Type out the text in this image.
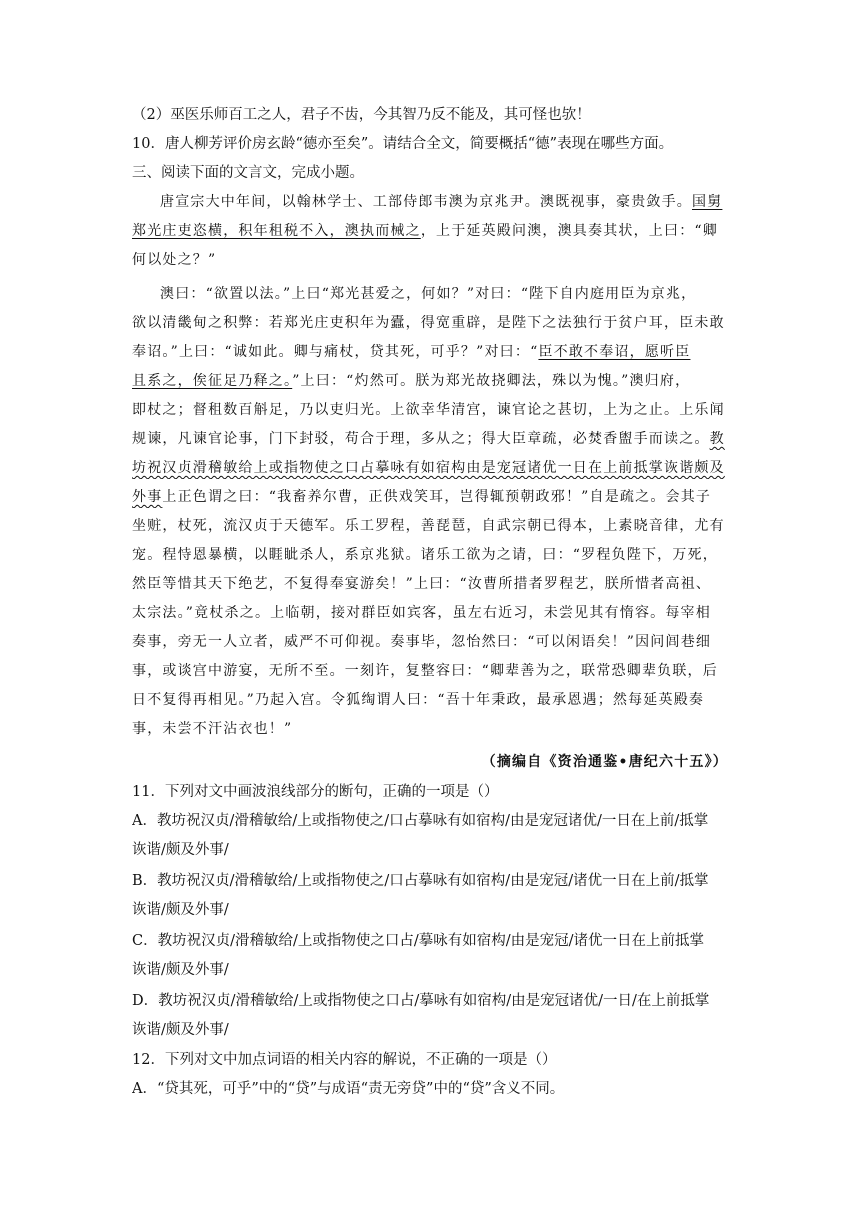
（2）巫医乐师百工之人，君子不齿，今其智乃反不能及，其可怪也欤！
10．唐人柳芳评价房玄龄“德亦至矣”。请结合全文，简要概括“德”表现在哪些方面。
三、阅读下面的文言文，完成小题。
唐宣宗大中年间，以翰林学士、工部侍郎韦澳为京兆尹。澳既视事，豪贵敛手。国舅
郑光庄吏恣横，积年租税不入，澳执而械之，上于延英殿问澳，澳具奏其状，上曰：“卿
何以处之？”
澳曰：“欲置以法。”上曰“郑光甚爱之，何如？”对曰：“陛下自内庭用臣为京兆，
欲以清畿甸之积弊：若郑光庄吏积年为蠹，得宽重辟，是陛下之法独行于贫户耳，臣未敢
奉诏。”上曰：“诚如此。卿与痛杖，贷其死，可乎？”对曰：“臣不敢不奉诏，愿听臣
且系之，俟征足乃释之。”上曰：“灼然可。朕为郑光故挠卿法，殊以为愧。”澳归府，
即杖之；督租数百斛足，乃以吏归光。上欲幸华清宫，谏官论之甚切，上为之止。上乐闻
规谏，凡谏官论事，门下封驳，苟合于理，多从之；得大臣章疏，必焚香盥手而读之。教
坊祝汉贞滑稽敏给上或指物使之口占摹咏有如宿构由是宠冠诸优一日在上前抵掌诙谐颇及
外事上正色谓之曰：“我畜养尔曹，正供戏笑耳，岂得辄预朝政邪！”自是疏之。会其子
坐赃，杖死，流汉贞于天德军。乐工罗程，善琵琶，自武宗朝已得本，上素晓音律，尤有
宠。程恃恩暴横，以睚眦杀人，系京兆狱。诸乐工欲为之请，曰：“罗程负陛下，万死，
然臣等惜其天下绝艺，不复得奉宴游矣！”上曰：“汝曹所措者罗程艺，朕所惜者高祖、
太宗法。”竟杖杀之。上临朝，接对群臣如宾客，虽左右近习，未尝见其有惰容。每宰相
奏事，旁无一人立者，威严不可仰视。奏事毕，忽怡然曰：“可以闲语矣！”因问闾巷细
事，或谈宫中游宴，无所不至。一刻许，复整容曰：“卿辈善为之，联常恐卿辈负联，后
日不复得再相见。”乃起入宫。令狐绹谓人曰：“吾十年秉政，最承恩遇；然每延英殿奏
事，未尝不汗沾衣也！”
（摘编自《资治通鉴•唐纪六十五》）
11．下列对文中画波浪线部分的断句，正确的一项是（）
A．教坊祝汉贞/滑稽敏给/上或指物使之/口占摹咏有如宿构/由是宠冠诸优/一日在上前/抵掌
诙谐/颇及外事/
B．教坊祝汉贞/滑稽敏给/上或指物使之/口占摹咏有如宿构/由是宠冠/诸优一日在上前/抵掌
诙谐/颇及外事/
C．教坊祝汉贞/滑稽敏给/上或指物使之口占/摹咏有如宿构/由是宠冠/诸优一日在上前抵掌
诙谐/颇及外事/
D．教坊祝汉贞/滑稽敏给/上或指物使之口占/摹咏有如宿构/由是宠冠诸优/一日/在上前抵掌
诙谐/颇及外事/
12．下列对文中加点词语的相关内容的解说，不正确的一项是（）
A．“贷其死，可乎”中的“贷”与成语“责无旁贷”中的“贷”含义不同。
